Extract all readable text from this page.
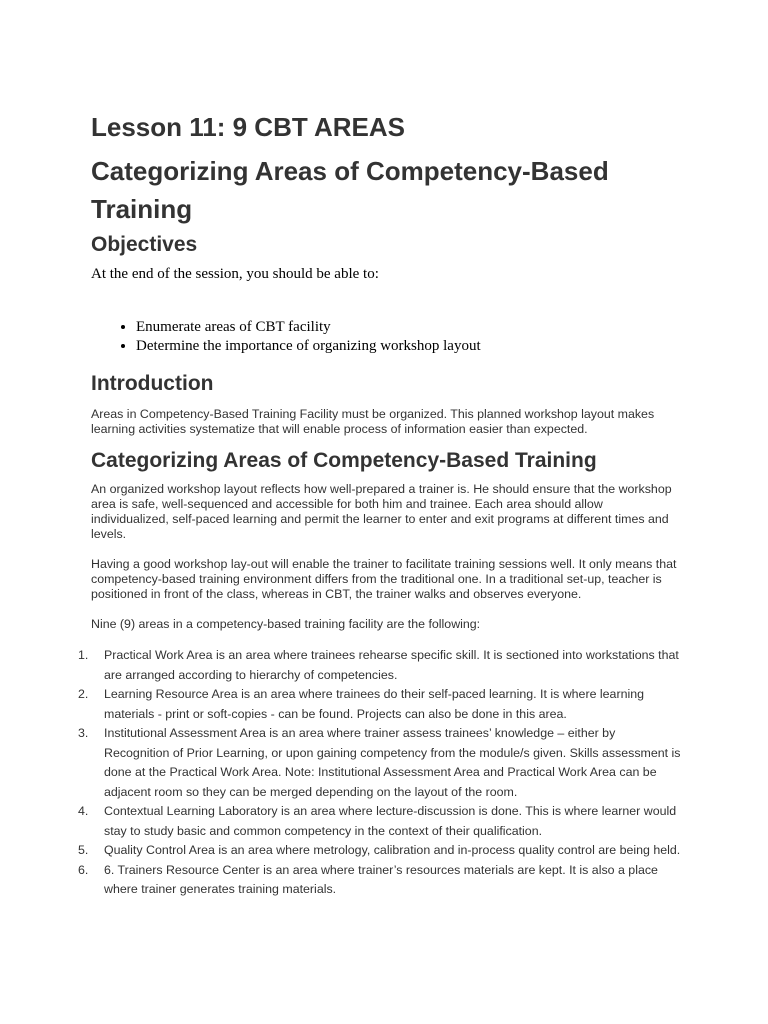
Lesson 11: 9 CBT AREAS
Categorizing Areas of Competency-Based Training
Objectives

At the end of the session, you should be able to:

• Enumerate areas of CBT facility
• Determine the importance of organizing workshop layout
Introduction

Areas in Competency-Based Training Facility must be organized. This planned workshop layout makes learning activities systematize that will enable process of information easier than expected.

Categorizing Areas of Competency-Based Training

An organized workshop layout reflects how well-prepared a trainer is. He should ensure that the workshop area is safe, well-sequenced and accessible for both him and trainee. Each area should allow individualized, self-paced learning and permit the learner to enter and exit programs at different times and levels.

Having a good workshop lay-out will enable the trainer to facilitate training sessions well. It only means that competency-based training environment differs from the traditional one. In a traditional set-up, teacher is positioned in front of the class, whereas in CBT, the trainer walks and observes everyone.

Nine (9) areas in a competency-based training facility are the following:

1.	Practical Work Area is an area where trainees rehearse specific skill. It is sectioned into workstations that are arranged according to hierarchy of competencies.
2.	Learning Resource Area is an area where trainees do their self-paced learning. It is where learning materials - print or soft-copies - can be found. Projects can also be done in this area.
3.	Institutional Assessment Area is an area where trainer assess trainees’ knowledge – either by Recognition of Prior Learning, or upon gaining competency from the module/s given. Skills assessment is done at the Practical Work Area. Note: Institutional Assessment Area and Practical Work Area can be adjacent room so they can be merged depending on the layout of the room.
4.	Contextual Learning Laboratory is an area where lecture-discussion is done. This is where learner would stay to study basic and common competency in the context of their qualification.
5.	Quality Control Area is an area where metrology, calibration and in-process quality control are being held.
6.	6. Trainers Resource Center is an area where trainer’s resources materials are kept. It is also a place where trainer generates training materials.
